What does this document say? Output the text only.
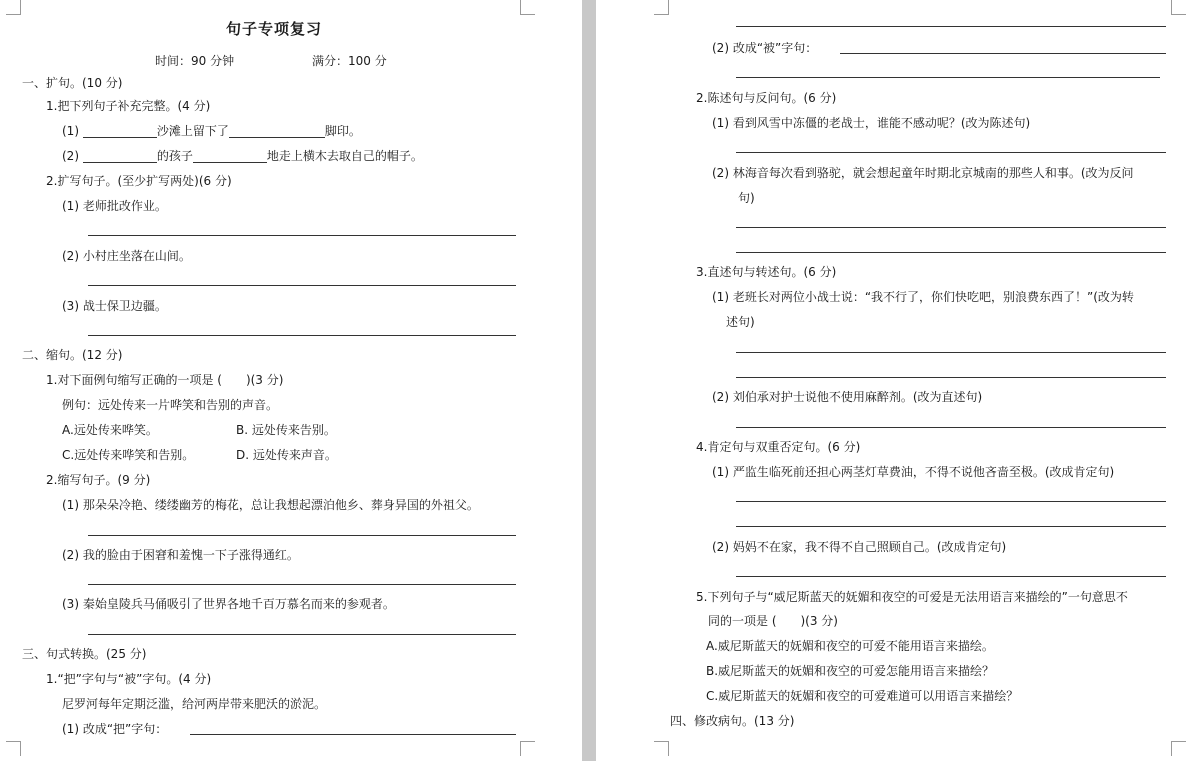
句子专项复习
时间：90 分钟	满分：100 分
一、扩句。(10 分)
1.把下列句子补充完整。(4 分)
(1)	沙滩上留下了	脚印。
(2)	的孩子	地走上横木去取自己的帽子。
2.扩写句子。(至少扩写两处)(6 分)
(1) 老师批改作业。
(2) 小村庄坐落在山间。
(3) 战士保卫边疆。
二、缩句。(12 分)
1.对下面例句缩写正确的一项是 (　　)(3 分)
例句：远处传来一片哗笑和告别的声音。
A.远处传来哗笑。	B. 远处传来告别。
C.远处传来哗笑和告别。	D. 远处传来声音。
2.缩写句子。(9 分)
(1) 那朵朵冷艳、缕缕幽芳的梅花，总让我想起漂泊他乡、葬身异国的外祖父。
(2) 我的脸由于困窘和羞愧一下子涨得通红。
(3) 秦始皇陵兵马俑吸引了世界各地千百万慕名而来的参观者。
三、句式转换。(25 分)
1.“把”字句与“被”字句。(4 分)
尼罗河每年定期泛滥，给河两岸带来肥沃的淤泥。
(1) 改成“把”字句：
(2) 改成“被”字句：
2.陈述句与反问句。(6 分)
(1) 看到风雪中冻僵的老战士，谁能不感动呢？(改为陈述句)
(2) 林海音每次看到骆驼，就会想起童年时期北京城南的那些人和事。(改为反问
句)
3.直述句与转述句。(6 分)
(1) 老班长对两位小战士说：“我不行了，你们快吃吧，别浪费东西了！”(改为转
述句)
(2) 刘伯承对护士说他不使用麻醉剂。(改为直述句)
4.肯定句与双重否定句。(6 分)
(1) 严监生临死前还担心两茎灯草费油，不得不说他吝啬至极。(改成肯定句)
(2) 妈妈不在家，我不得不自己照顾自己。(改成肯定句)
5.下列句子与“威尼斯蓝天的妩媚和夜空的可爱是无法用语言来描绘的”一句意思不
同的一项是 (　　)(3 分)
A.威尼斯蓝天的妩媚和夜空的可爱不能用语言来描绘。
B.威尼斯蓝天的妩媚和夜空的可爱怎能用语言来描绘？
C.威尼斯蓝天的妩媚和夜空的可爱难道可以用语言来描绘？
四、修改病句。(13 分)
